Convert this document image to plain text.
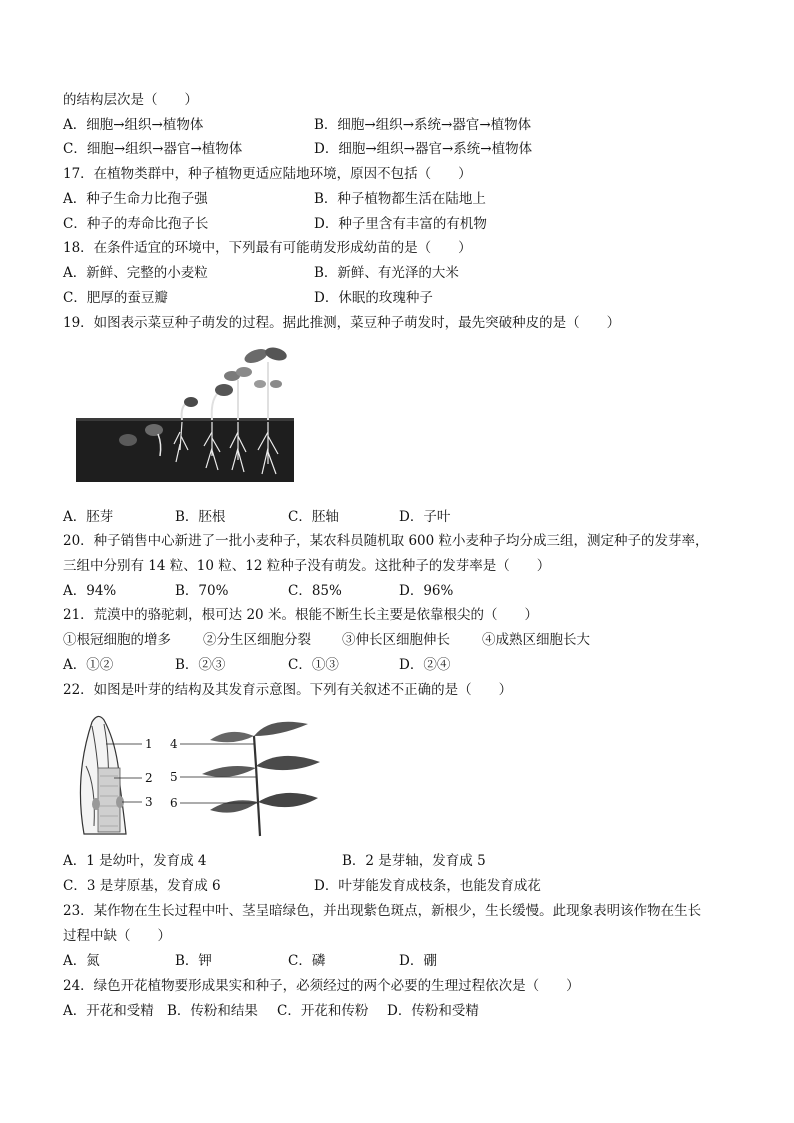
的结构层次是（　　）
A．细胞→组织→植物体	B．细胞→组织→系统→器官→植物体
C．细胞→组织→器官→植物体	D．细胞→组织→器官→系统→植物体
17．在植物类群中，种子植物更适应陆地环境，原因不包括（　　）
A．种子生命力比孢子强	B．种子植物都生活在陆地上
C．种子的寿命比孢子长	D．种子里含有丰富的有机物
18．在条件适宜的环境中，下列最有可能萌发形成幼苗的是（　　）
A．新鲜、完整的小麦粒	B．新鲜、有光泽的大米
C．肥厚的蚕豆瓣	D．休眠的玫瑰种子
19．如图表示菜豆种子萌发的过程。据此推测，菜豆种子萌发时，最先突破种皮的是（　　）
A．胚芽	B．胚根	C．胚轴	D．子叶
20．种子销售中心新进了一批小麦种子，某农科员随机取 600 粒小麦种子均分成三组，测定种子的发芽率，
三组中分别有 14 粒、10 粒、12 粒种子没有萌发。这批种子的发芽率是（　　）
A．94%	B．70%	C．85%	D．96%
21．荒漠中的骆驼刺，根可达 20 米。根能不断生长主要是依靠根尖的（　　）
①根冠细胞的增多 ②分生区细胞分裂 ③伸长区细胞伸长 ④成熟区细胞长大
A．①②	B．②③	C．①③	D．②④
22．如图是叶芽的结构及其发育示意图。下列有关叙述不正确的是（　　）
1
2
3
4
5
6
A．1 是幼叶，发育成 4	B．2 是芽轴，发育成 5
C．3 是芽原基，发育成 6	D．叶芽能发育成枝条，也能发育成花
23．某作物在生长过程中叶、茎呈暗绿色，并出现紫色斑点，新根少，生长缓慢。此现象表明该作物在生长
过程中缺（　　）
A．氮	B．钾	C．磷	D．硼
24．绿色开花植物要形成果实和种子，必须经过的两个必要的生理过程依次是（　　）
A．开花和受精 B．传粉和结果 C．开花和传粉 D．传粉和受精
